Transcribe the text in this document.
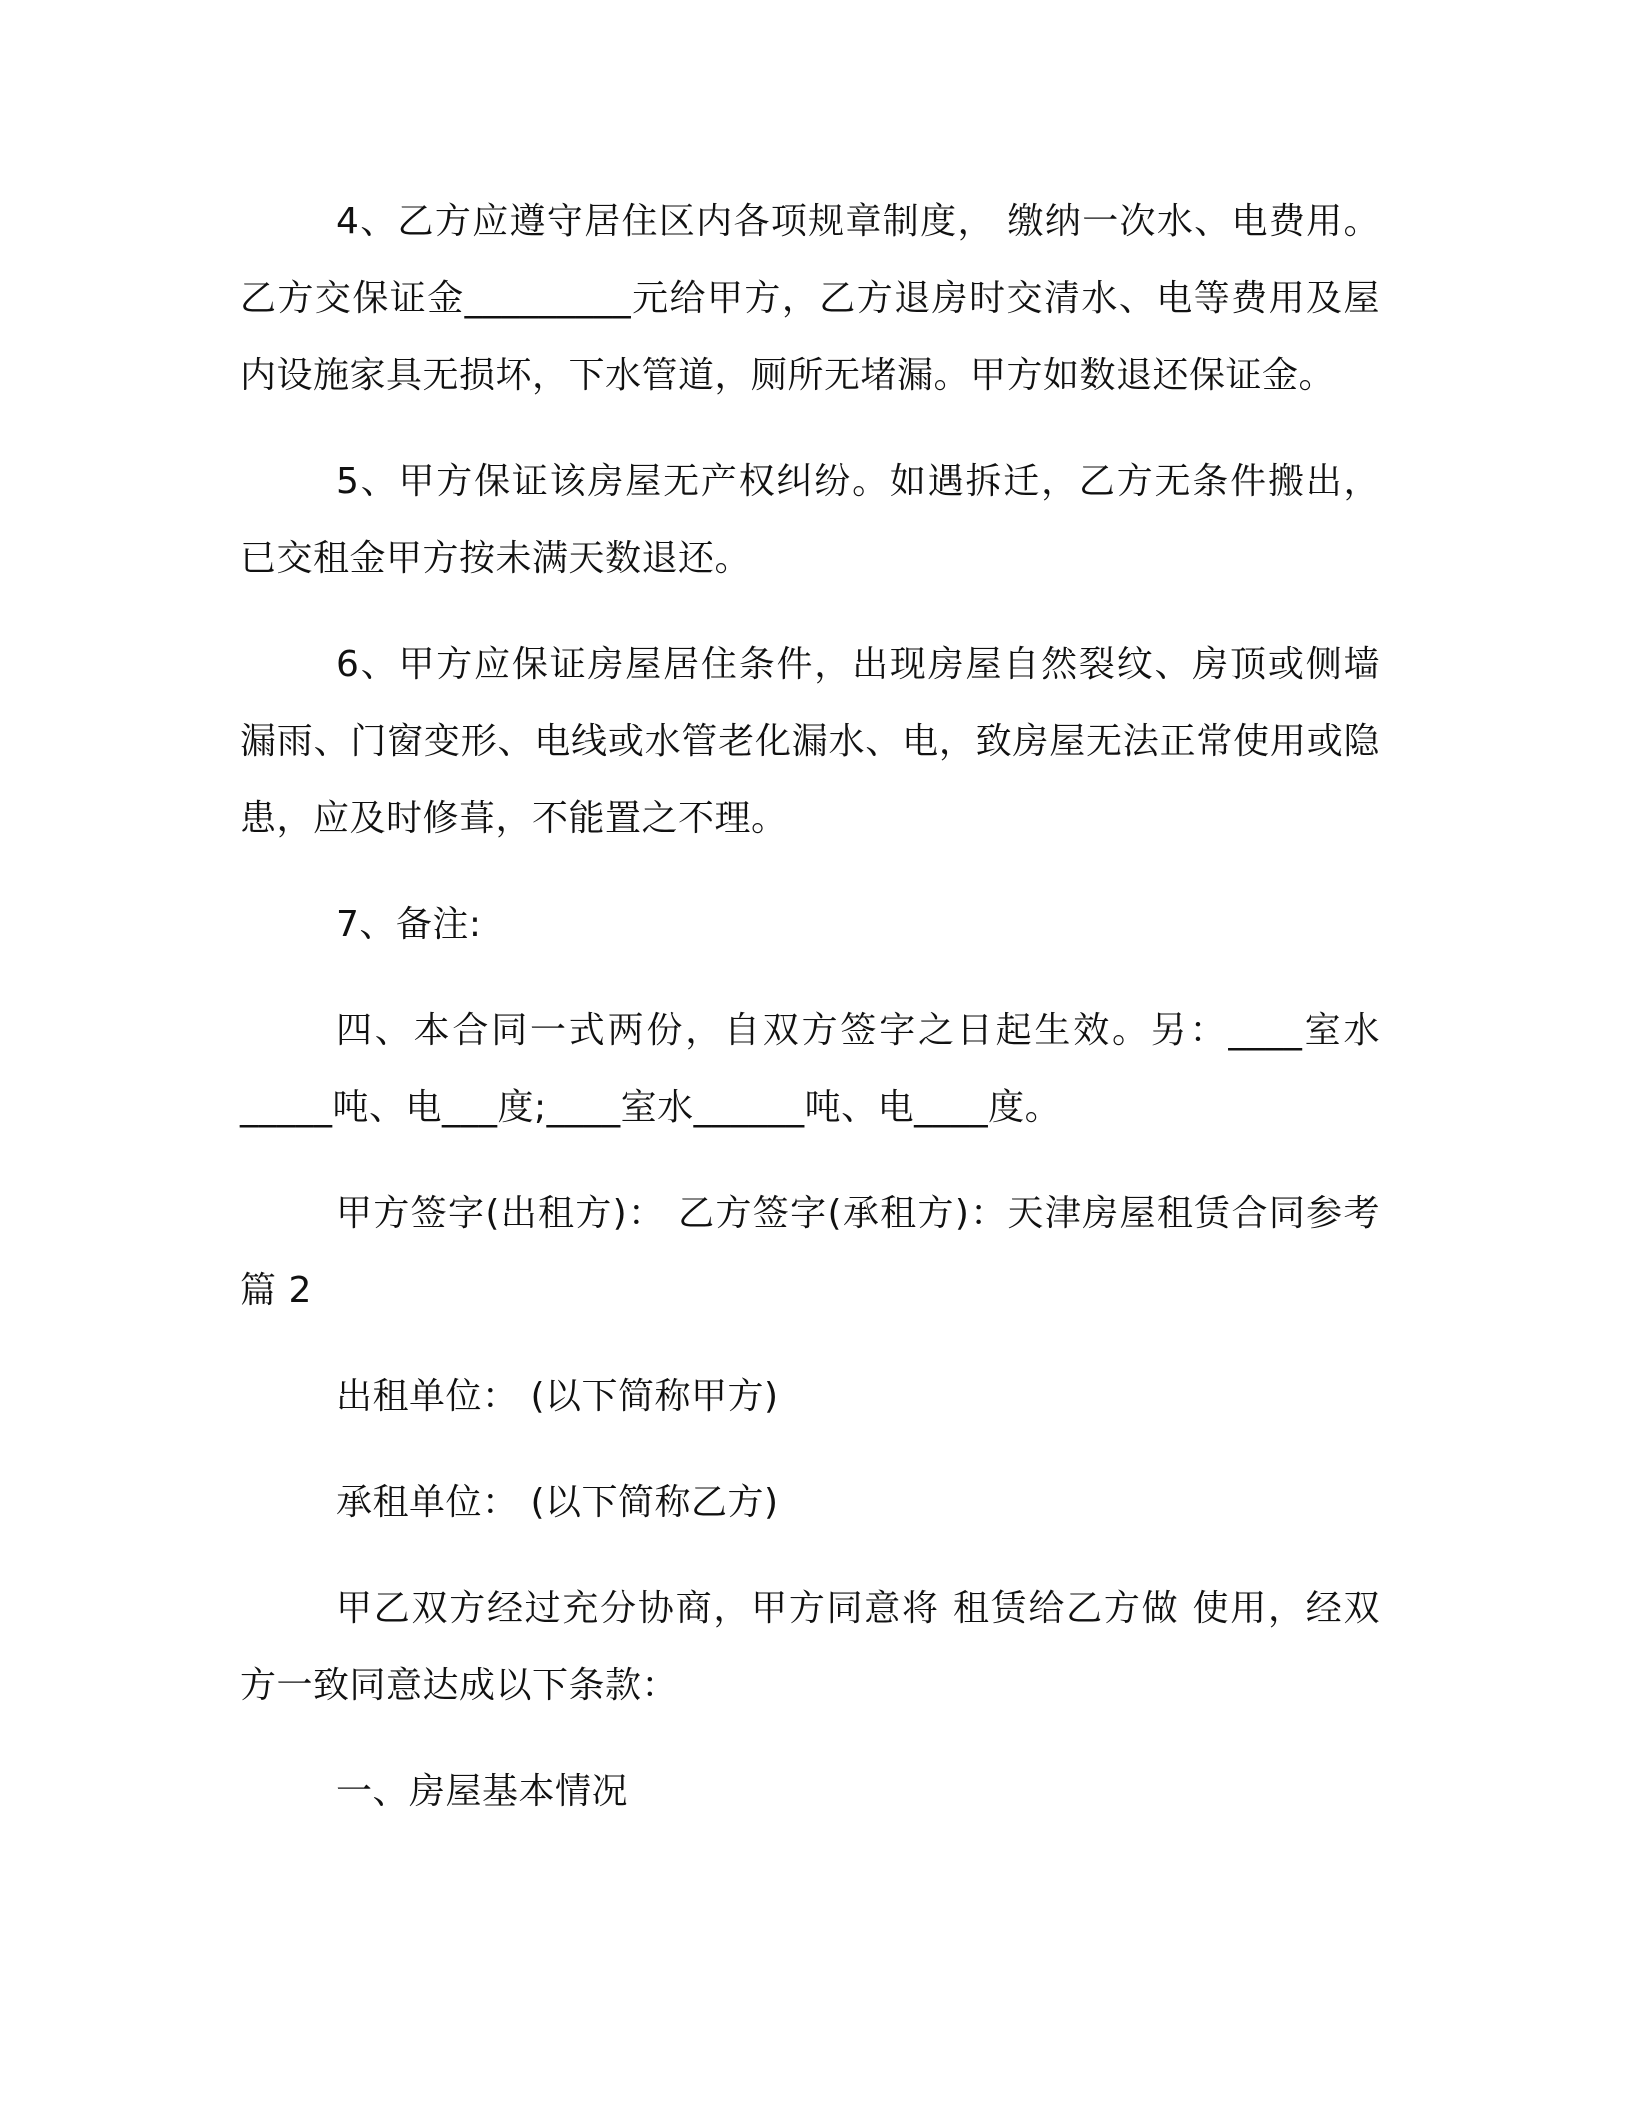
4、乙方应遵守居住区内各项规章制度， 缴纳一次水、电费用。乙方交保证金_________元给甲方，乙方退房时交清水、电等费用及屋内设施家具无损坏，下水管道，厕所无堵漏。甲方如数退还保证金。

5、甲方保证该房屋无产权纠纷。如遇拆迁，乙方无条件搬出，已交租金甲方按未满天数退还。

6、甲方应保证房屋居住条件，出现房屋自然裂纹、房顶或侧墙漏雨、门窗变形、电线或水管老化漏水、电，致房屋无法正常使用或隐患，应及时修葺，不能置之不理。

7、备注:

四、本合同一式两份，自双方签字之日起生效。另：____室水_____吨、电___度;____室水______吨、电____度。

甲方签字(出租方)： 乙方签字(承租方)：天津房屋租赁合同参考篇 2

出租单位： (以下简称甲方)

承租单位： (以下简称乙方)

甲乙双方经过充分协商，甲方同意将 租赁给乙方做 使用，经双方一致同意达成以下条款：

一、房屋基本情况
